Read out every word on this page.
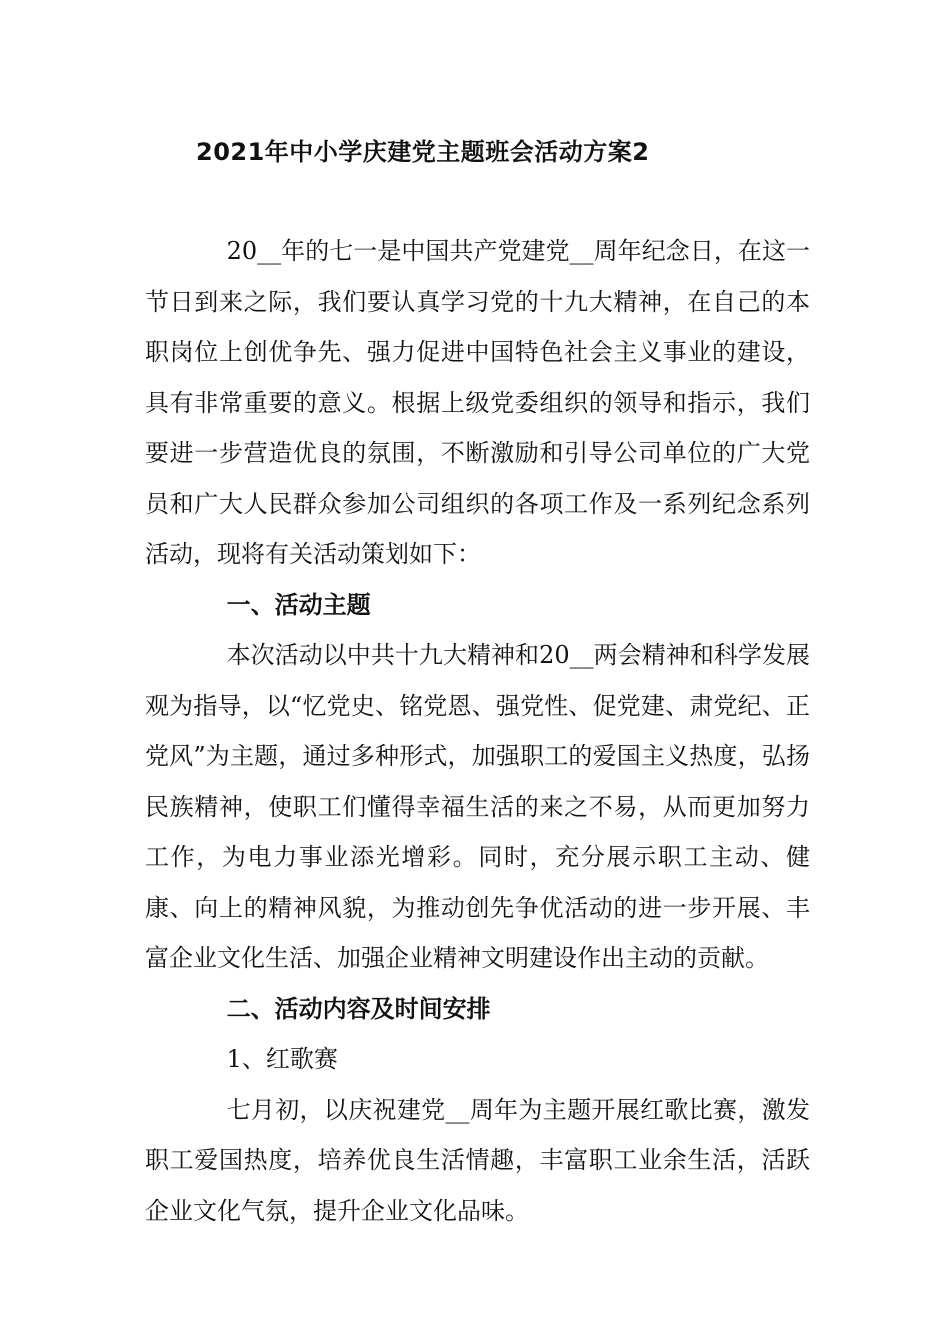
2021年中小学庆建党主题班会活动方案2

20__年的七一是中国共产党建党__周年纪念日，在这一节日到来之际，我们要认真学习党的十九大精神，在自己的本职岗位上创优争先、强力促进中国特色社会主义事业的建设，具有非常重要的意义。根据上级党委组织的领导和指示，我们要进一步营造优良的氛围，不断激励和引导公司单位的广大党员和广大人民群众参加公司组织的各项工作及一系列纪念系列活动，现将有关活动策划如下：

一、活动主题

本次活动以中共十九大精神和20__两会精神和科学发展观为指导，以“忆党史、铭党恩、强党性、促党建、肃党纪、正党风”为主题，通过多种形式，加强职工的爱国主义热度，弘扬民族精神，使职工们懂得幸福生活的来之不易，从而更加努力工作，为电力事业添光增彩。同时，充分展示职工主动、健康、向上的精神风貌，为推动创先争优活动的进一步开展、丰富企业文化生活、加强企业精神文明建设作出主动的贡献。

二、活动内容及时间安排

1、红歌赛

七月初，以庆祝建党__周年为主题开展红歌比赛，激发职工爱国热度，培养优良生活情趣，丰富职工业余生活，活跃企业文化气氛，提升企业文化品味。
